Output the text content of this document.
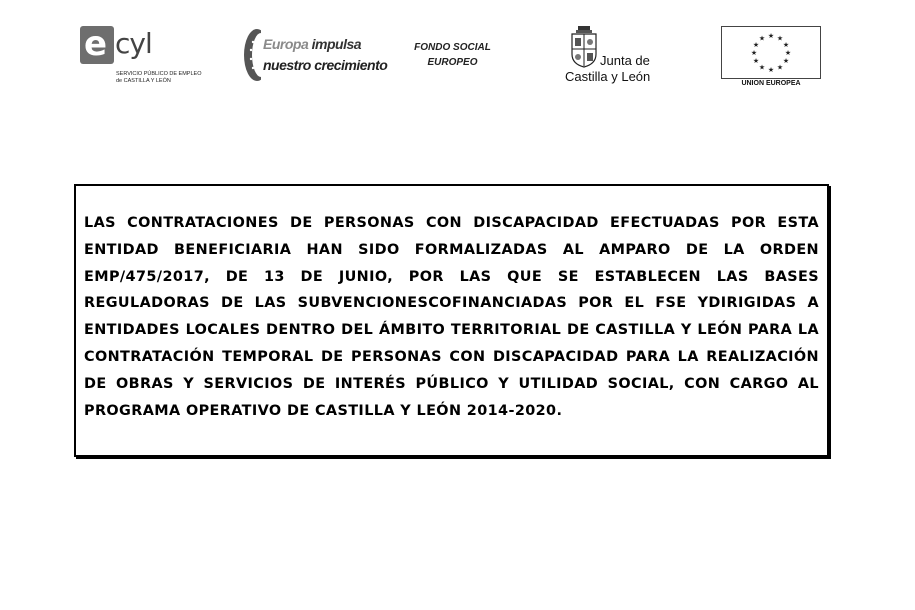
e cyl
SERVICIO PÚBLICO DE EMPLEO
de CASTILLA Y LEÓN
Europa impulsa
nuestro crecimiento
FONDO SOCIAL
EUROPEO	Junta de
Castilla y León
★ ★
★
★
★
★
★
★
★
★
★
★
UNION EUROPEA
LAS CONTRATACIONES DE PERSONAS CON DISCAPACIDAD EFECTUADAS POR ESTA ENTIDAD BENEFICIARIA HAN SIDO FORMALIZADAS AL AMPARO DE LA ORDEN EMP/475/2017, DE 13 DE JUNIO, POR LAS QUE SE ESTABLECEN LAS BASES REGULADORAS DE LAS SUBVENCIONESCOFINANCIADAS POR EL FSE YDIRIGIDAS A ENTIDADES LOCALES DENTRO DEL ÁMBITO TERRITORIAL DE CASTILLA Y LEÓN PARA LA CONTRATACIÓN TEMPORAL DE PERSONAS CON DISCAPACIDAD PARA LA REALIZACIÓN DE OBRAS Y SERVICIOS DE INTERÉS PÚBLICO Y UTILIDAD SOCIAL, CON CARGO AL PROGRAMA OPERATIVO DE CASTILLA Y LEÓN 2014-2020.
